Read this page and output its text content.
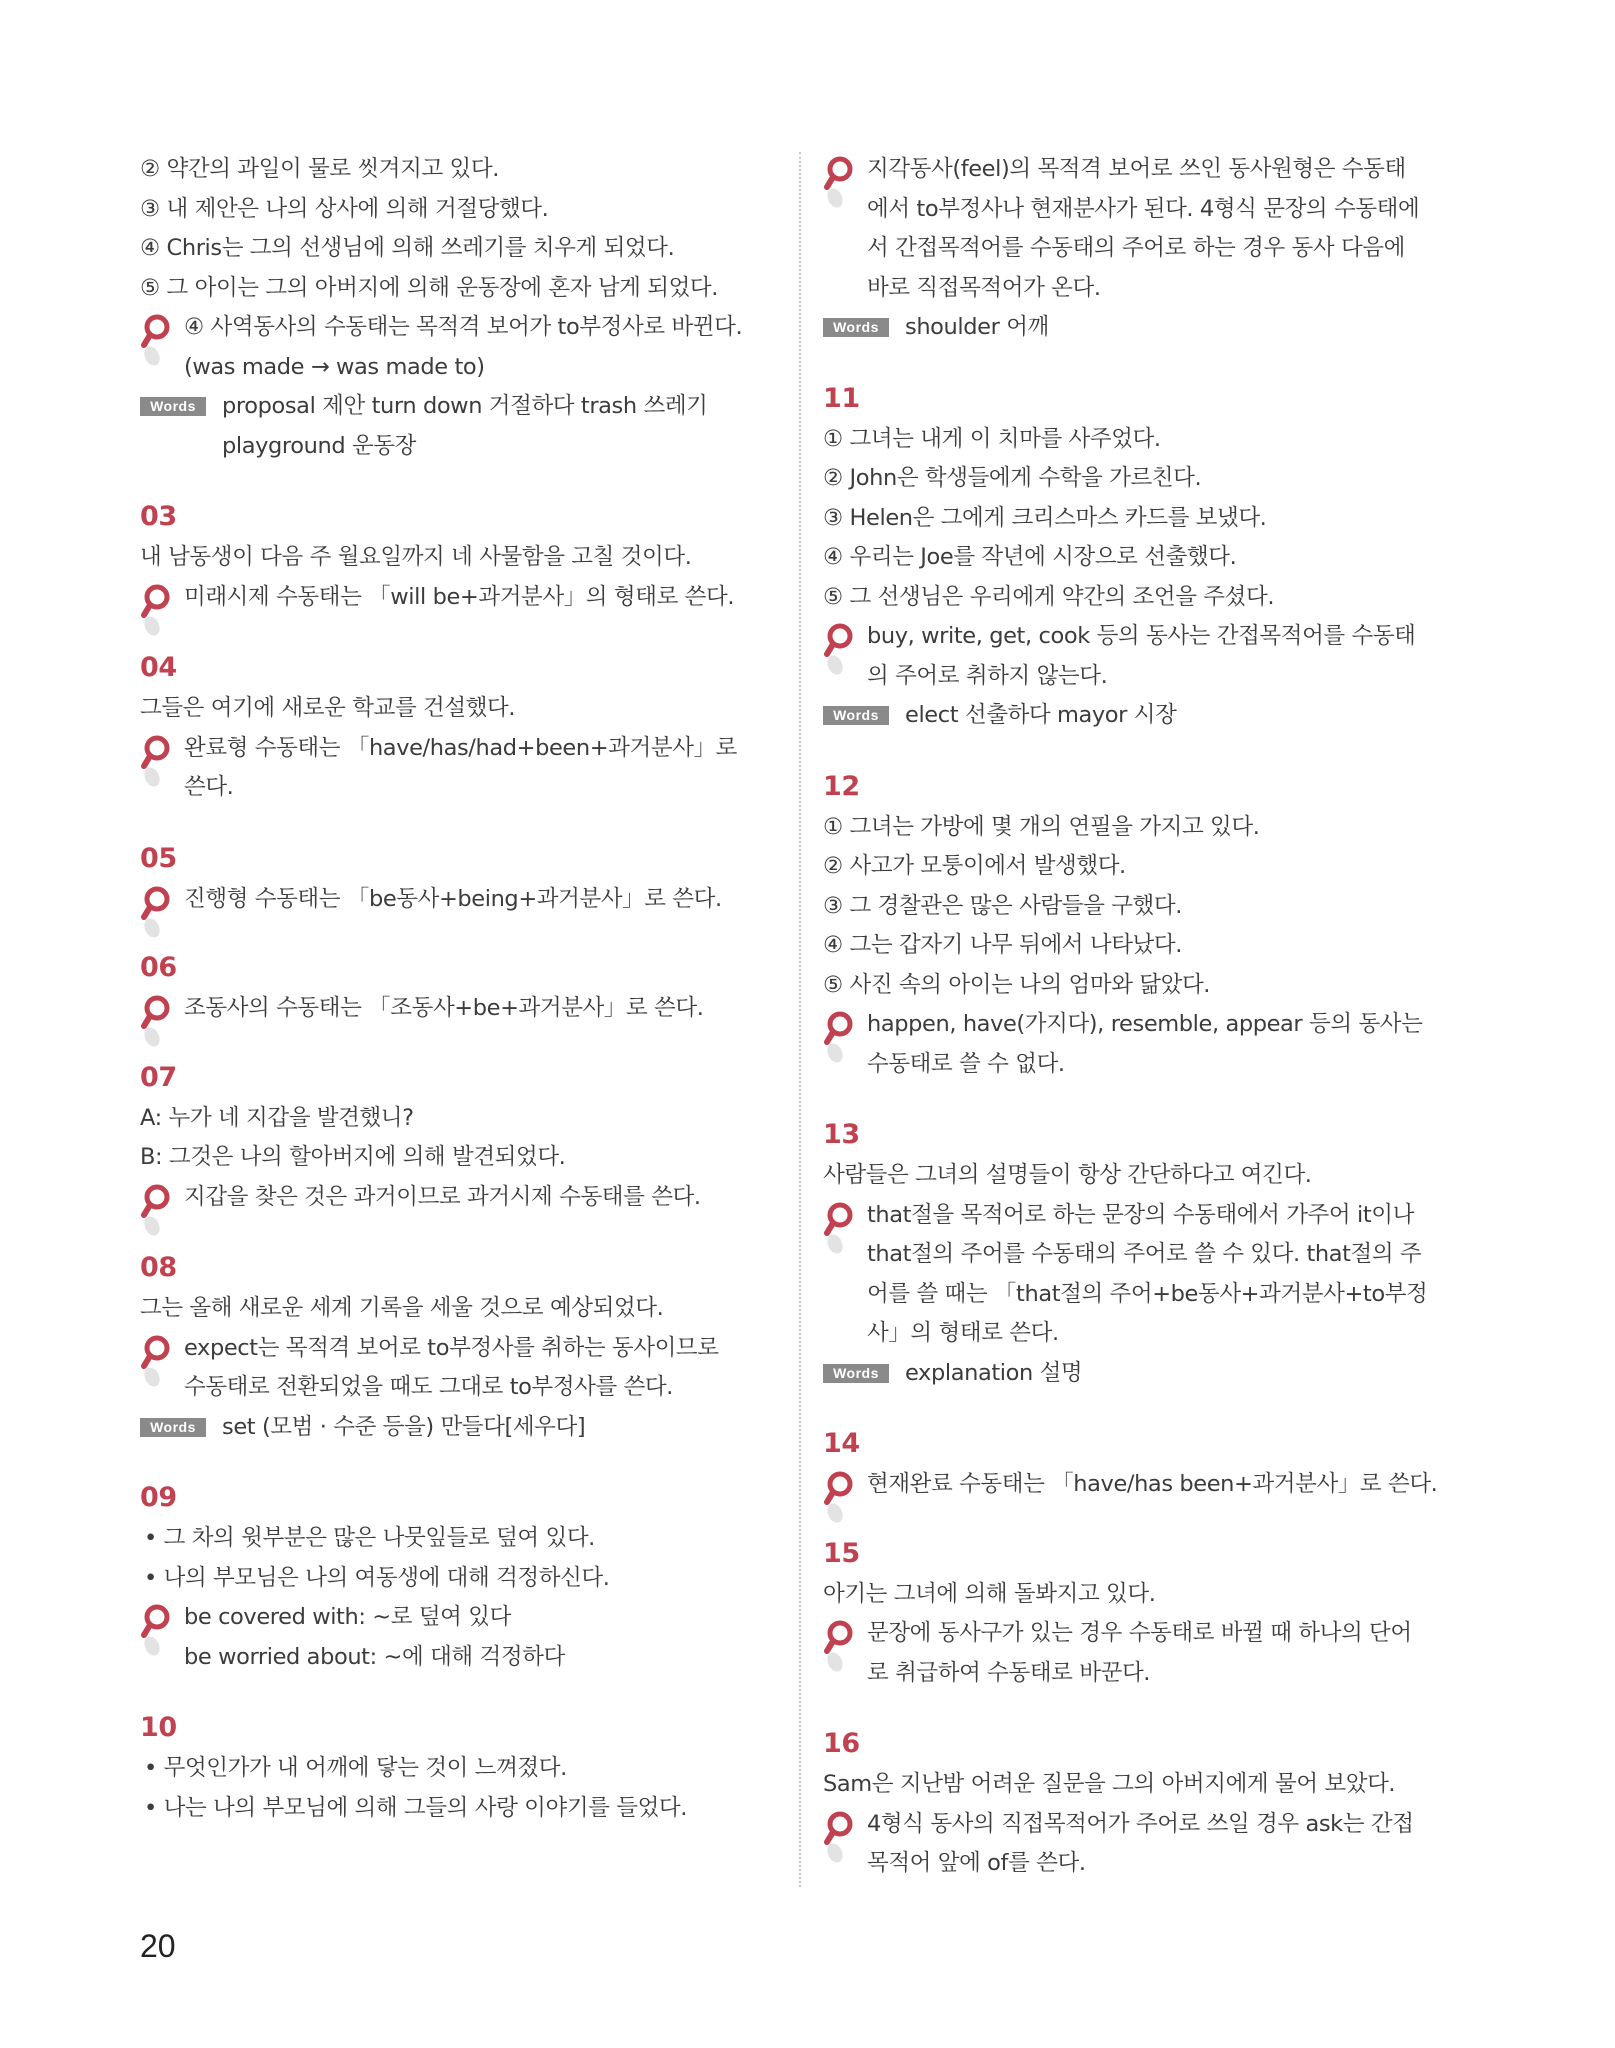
② 약간의 과일이 물로 씻겨지고 있다.
③ 내 제안은 나의 상사에 의해 거절당했다.
④ Chris는 그의 선생님에 의해 쓰레기를 치우게 되었다.
⑤ 그 아이는 그의 아버지에 의해 운동장에 혼자 남게 되었다.
④ 사역동사의 수동태는 목적격 보어가 to부정사로 바뀐다.
(was made → was made to)
Words	proposal 제안 turn down 거절하다 trash 쓰레기
playground 운동장
03
내 남동생이 다음 주 월요일까지 네 사물함을 고칠 것이다.
미래시제 수동태는 「will be+과거분사」의 형태로 쓴다.
04
그들은 여기에 새로운 학교를 건설했다.
완료형 수동태는 「have/has/had+been+과거분사」로
쓴다.
05
진행형 수동태는 「be동사+being+과거분사」로 쓴다.
06
조동사의 수동태는 「조동사+be+과거분사」로 쓴다.
07
A: 누가 네 지갑을 발견했니?
B: 그것은 나의 할아버지에 의해 발견되었다.
지갑을 찾은 것은 과거이므로 과거시제 수동태를 쓴다.
08
그는 올해 새로운 세계 기록을 세울 것으로 예상되었다.
expect는 목적격 보어로 to부정사를 취하는 동사이므로
수동태로 전환되었을 때도 그대로 to부정사를 쓴다.
Words	set (모범 · 수준 등을) 만들다[세우다]
09
• 그 차의 윗부분은 많은 나뭇잎들로 덮여 있다.
• 나의 부모님은 나의 여동생에 대해 걱정하신다.
be covered with: ~로 덮여 있다
be worried about: ~에 대해 걱정하다
10
• 무엇인가가 내 어깨에 닿는 것이 느껴졌다.
• 나는 나의 부모님에 의해 그들의 사랑 이야기를 들었다.
지각동사(feel)의 목적격 보어로 쓰인 동사원형은 수동태
에서 to부정사나 현재분사가 된다. 4형식 문장의 수동태에
서 간접목적어를 수동태의 주어로 하는 경우 동사 다음에
바로 직접목적어가 온다.
Words	shoulder 어깨
11
① 그녀는 내게 이 치마를 사주었다.
② John은 학생들에게 수학을 가르친다.
③ Helen은 그에게 크리스마스 카드를 보냈다.
④ 우리는 Joe를 작년에 시장으로 선출했다.
⑤ 그 선생님은 우리에게 약간의 조언을 주셨다.
buy, write, get, cook 등의 동사는 간접목적어를 수동태
의 주어로 취하지 않는다.
Words	elect 선출하다 mayor 시장
12
① 그녀는 가방에 몇 개의 연필을 가지고 있다.
② 사고가 모퉁이에서 발생했다.
③ 그 경찰관은 많은 사람들을 구했다.
④ 그는 갑자기 나무 뒤에서 나타났다.
⑤ 사진 속의 아이는 나의 엄마와 닮았다.
happen, have(가지다), resemble, appear 등의 동사는
수동태로 쓸 수 없다.
13
사람들은 그녀의 설명들이 항상 간단하다고 여긴다.
that절을 목적어로 하는 문장의 수동태에서 가주어 it이나
that절의 주어를 수동태의 주어로 쓸 수 있다. that절의 주
어를 쓸 때는 「that절의 주어+be동사+과거분사+to부정
사」의 형태로 쓴다.
Words	explanation 설명
14
현재완료 수동태는 「have/has been+과거분사」로 쓴다.
15
아기는 그녀에 의해 돌봐지고 있다.
문장에 동사구가 있는 경우 수동태로 바뀔 때 하나의 단어
로 취급하여 수동태로 바꾼다.
16
Sam은 지난밤 어려운 질문을 그의 아버지에게 물어 보았다.
4형식 동사의 직접목적어가 주어로 쓰일 경우 ask는 간접
목적어 앞에 of를 쓴다.
20
